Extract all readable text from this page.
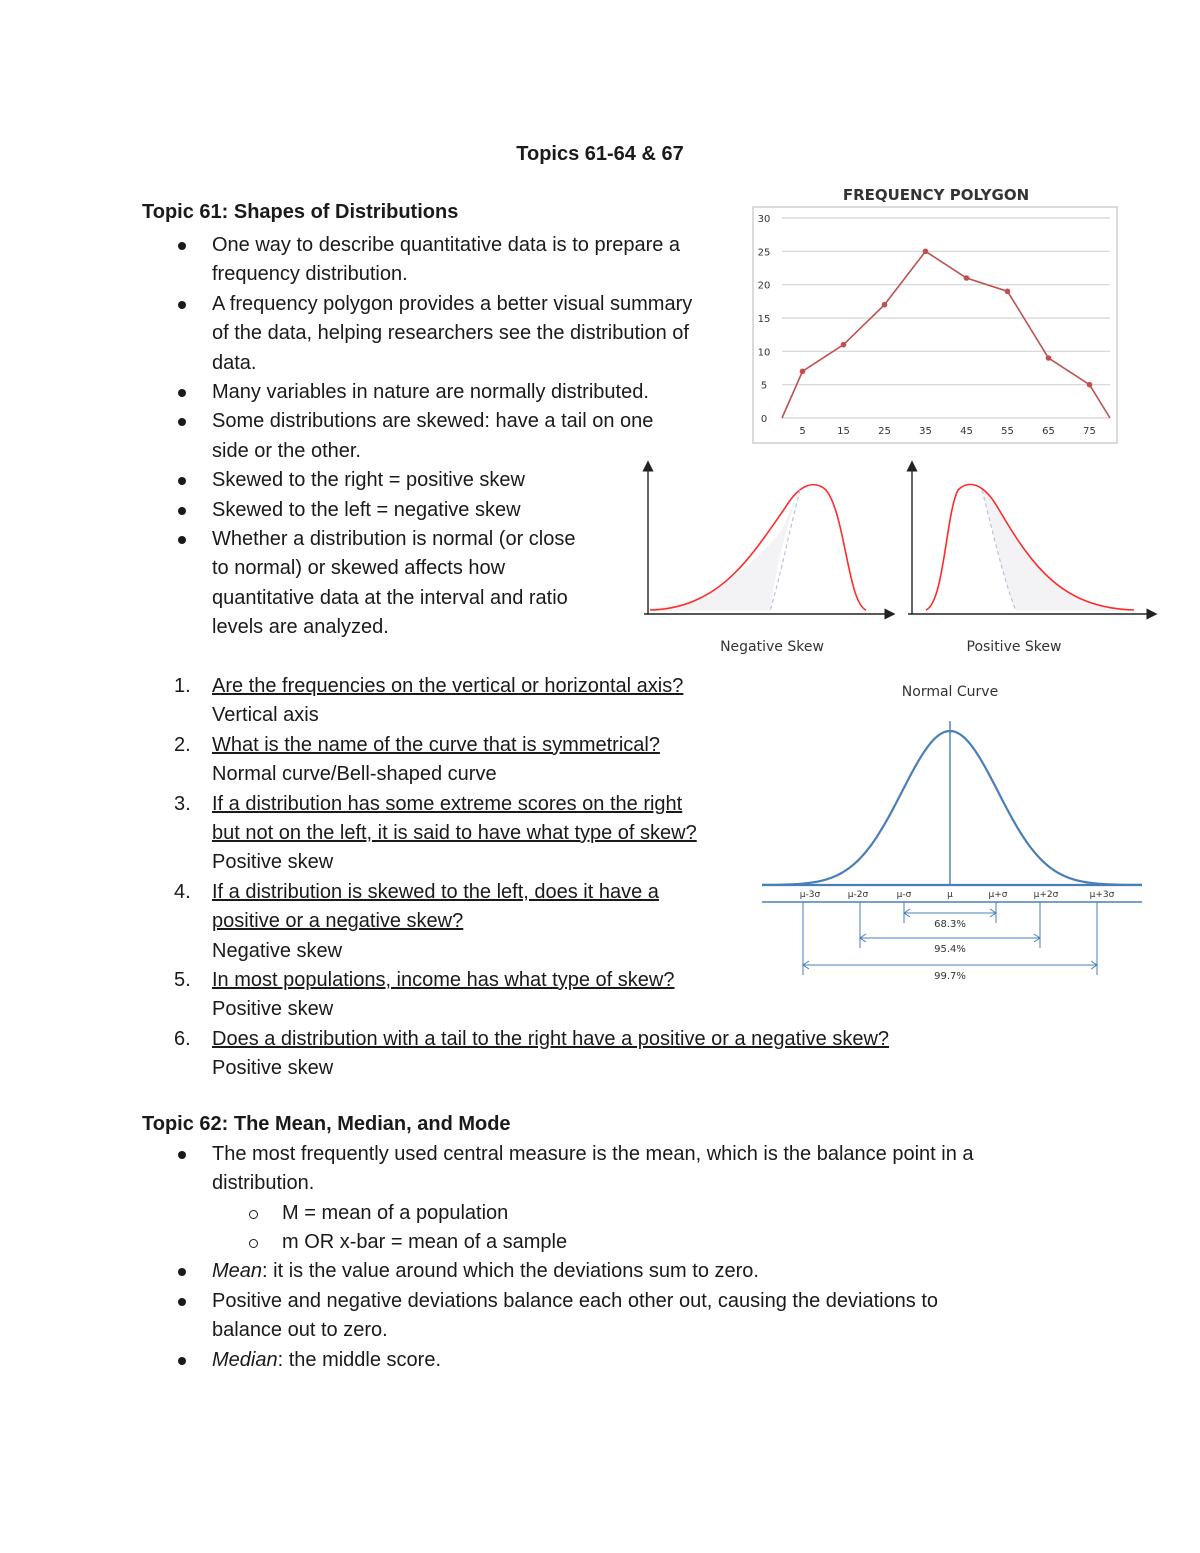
Topics 61-64 & 67
Topic 61: Shapes of Distributions
One way to describe quantitative data is to prepare a
frequency distribution.
A frequency polygon provides a better visual summary
of the data, helping researchers see the distribution of
data.
Many variables in nature are normally distributed.
Some distributions are skewed: have a tail on one
side or the other.
Skewed to the right = positive skew
Skewed to the left = negative skew
Whether a distribution is normal (or close
to normal) or skewed affects how
quantitative data at the interval and ratio
levels are analyzed.
1. Are the frequencies on the vertical or horizontal axis?
Vertical axis
2. What is the name of the curve that is symmetrical?
Normal curve/Bell-shaped curve
3. If a distribution has some extreme scores on the right
but not on the left, it is said to have what type of skew?
Positive skew
4. If a distribution is skewed to the left, does it have a
positive or a negative skew?
Negative skew
5. In most populations, income has what type of skew?
Positive skew
6. Does a distribution with a tail to the right have a positive or a negative skew?
Positive skew
Topic 62: The Mean, Median, and Mode
The most frequently used central measure is the mean, which is the balance point in a
distribution.
M = mean of a population
m OR x-bar = mean of a sample
Mean: it is the value around which the deviations sum to zero.
Positive and negative deviations balance each other out, causing the deviations to
balance out to zero.
Median: the middle score.
FREQUENCY POLYGON
0
5
10
15
20
25
30
5	15	25	35	45	55	65	75
Negative Skew	Positive Skew
Normal Curve
μ-3σ	μ-2σ	μ-σ	μ	μ+σ	μ+2σ	μ+3σ
68.3%
95.4%
99.7%
